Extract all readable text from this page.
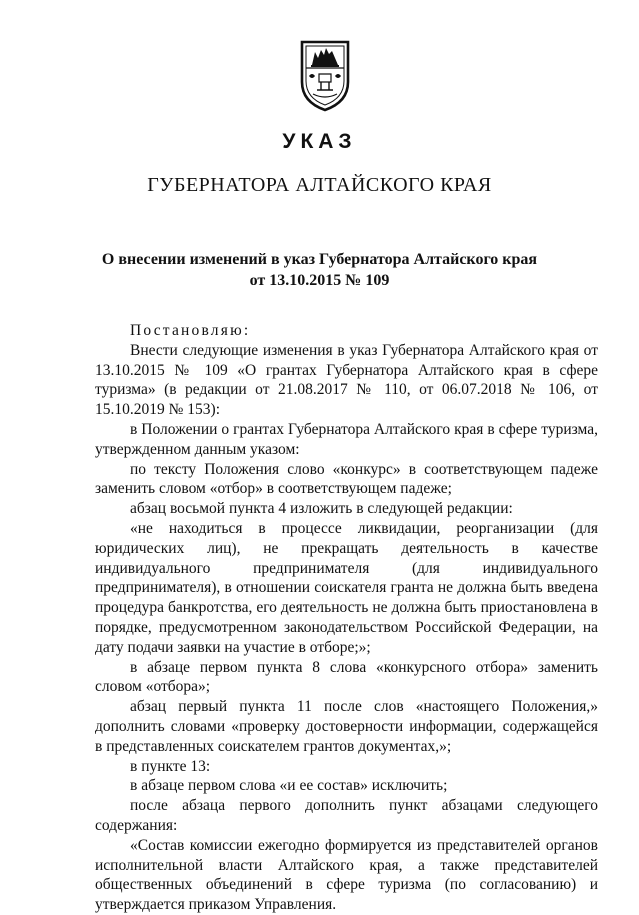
УКАЗ
ГУБЕРНАТОРА АЛТАЙСКОГО КРАЯ
О внесении изменений в указ Губернатора Алтайского края
от 13.10.2015 № 109

Постановляю:

Внести следующие изменения в указ Губернатора Алтайского края от 13.10.2015 № 109 «О грантах Губернатора Алтайского края в сфере туризма» (в редакции от 21.08.2017 № 110, от 06.07.2018 № 106, от 15.10.2019 № 153):

в Положении о грантах Губернатора Алтайского края в сфере туризма, утвержденном данным указом:

по тексту Положения слово «конкурс» в соответствующем падеже заменить словом «отбор» в соответствующем падеже;

абзац восьмой пункта 4 изложить в следующей редакции:

«не находиться в процессе ликвидации, реорганизации (для юридических лиц), не прекращать деятельность в качестве индивидуального предпринимателя (для индивидуального предпринимателя), в отношении соискателя гранта не должна быть введена процедура банкротства, его деятельность не должна быть приостановлена в порядке, предусмотренном законодательством Российской Федерации, на дату подачи заявки на участие в отборе;»;

в абзаце первом пункта 8 слова «конкурсного отбора» заменить словом «отбора»;

абзац первый пункта 11 после слов «настоящего Положения,» дополнить словами «проверку достоверности информации, содержащейся в представленных соискателем грантов документах,»;

в пункте 13:

в абзаце первом слова «и ее состав» исключить;

после абзаца первого дополнить пункт абзацами следующего содержания:

«Состав комиссии ежегодно формируется из представителей органов исполнительной власти Алтайского края, а также представителей общественных объединений в сфере туризма (по согласованию) и утверждается приказом Управления.
